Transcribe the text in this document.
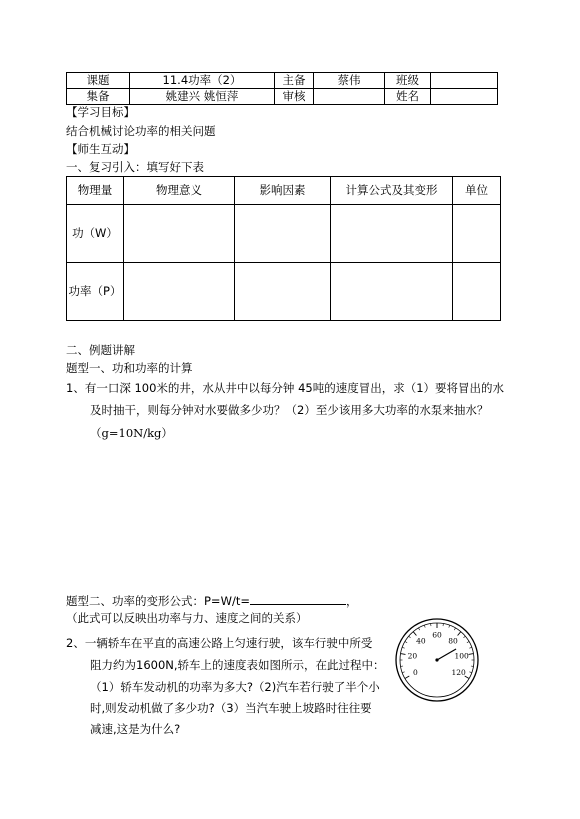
课题	11.4功率（2）	主备	蔡伟	班级	
集备	姚建兴 姚恒萍	审核		姓名	
【学习目标】
结合机械讨论功率的相关问题
【师生互动】
一、复习引入：填写好下表
物理量	物理意义	影响因素	计算公式及其变形	单位
功（W）				
功率（P）				
二、例题讲解
题型一、功和功率的计算
1、有一口深 100米的井，水从井中以每分钟 45吨的速度冒出，求（1）要将冒出的水
及时抽干，则每分钟对水要做多少功？（2）至少该用多大功率的水泵来抽水？
（g=10N/kg）
题型二、功率的变形公式：P=W/t=	，
（此式可以反映出功率与力、速度之间的关系）
2、一辆轿车在平直的高速公路上匀速行驶，该车行驶中所受
阻力约为1600N,轿车上的速度表如图所示，在此过程中：
（1）轿车发动机的功率为多大?（2)汽车若行驶了半个小
时,则发动机做了多少功?（3）当汽车驶上坡路时往往要
减速,这是为什么?
0
20
40
60
80
100
120
